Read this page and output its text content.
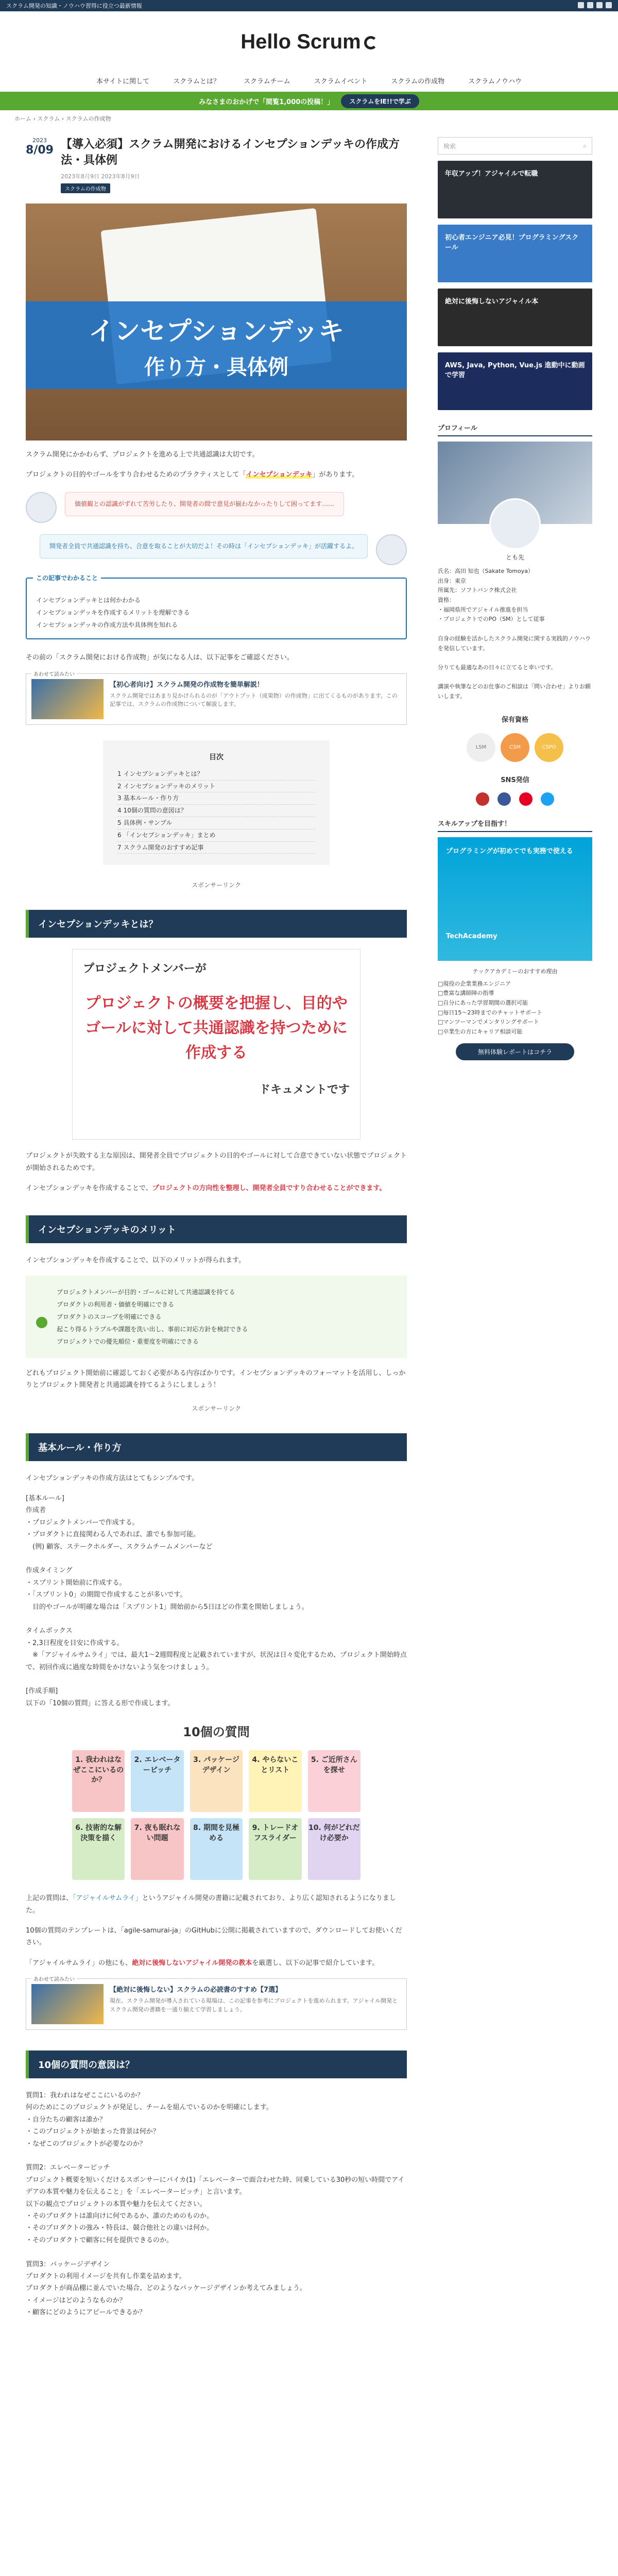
スクラム開発の知識・ノウハウ習得に役立つ最新情報
Hello Scrum
本サイトに関して	スクラムとは？	スクラムチーム	スクラムイベント	スクラムの作成物	スクラムノウハウ
みなさまのおかげで「閲覧1,000の投稿！」	スクラムをIE!!で学ぶ
ホーム › スクラム › スクラムの作成物
2023
8/09 【導入必須】スクラム開発におけるインセプションデッキの作成方法・具体例
2023年8月9日 2023年8月9日
スクラムの作成物
インセプションデッキ
作り方・具体例

スクラム開発にかかわらず、プロジェクトを進める上で共通認識は大切です。

プロジェクトの目的やゴールをすり合わせるためのプラクティスとして「インセプションデッキ」があります。

価値観との認識がずれて苦労したり、開発者の間で意見が揃わなかったりして困ってます……
開発者全員で共通認識を持ち、合意を取ることが大切だよ！その時は「インセプションデッキ」が活躍するよ。
この記事でわかること
インセプションデッキとは何かわかる
インセプションデッキを作成するメリットを理解できる
インセプションデッキの作成方法や具体例を知れる

その前の「スクラム開発における作成物」が気になる人は、以下記事をご確認ください。

あわせて読みたい
【初心者向け】スクラム開発の作成物を簡単解説！
スクラム開発ではあまり見かけられるのが「アウトプット（成果物）の作成物」に出てくるものがあります。この記事では、スクラムの作成物について解説します。
目次
1 インセプションデッキとは？
2 インセプションデッキのメリット
3 基本ルール・作り方
4 10個の質問の意図は？
5 具体例・サンプル
6 「インセプションデッキ」まとめ
7 スクラム開発のおすすめ記事
スポンサーリンク
インセプションデッキとは？
プロジェクトメンバーが
プロジェクトの概要を把握し、目的やゴールに対して共通認識を持つために作成する
ドキュメントです

プロジェクトが失敗する主な原因は、開発者全員でプロジェクトの目的やゴールに対して合意できていない状態でプロジェクトが開始されるためです。

インセプションデッキを作成することで、プロジェクトの方向性を整理し、開発者全員ですり合わせることができます。

インセプションデッキのメリット

インセプションデッキを作成することで、以下のメリットが得られます。

プロジェクトメンバーが目的・ゴールに対して共通認識を持てる
プロダクトの利用者・価値を明確にできる
プロダクトのスコープを明確にできる
起こり得るトラブルや課題を洗い出し、事前に対応方針を検討できる
プロジェクトでの優先順位・重要度を明確にできる

どれもプロジェクト開始前に確認しておく必要がある内容ばかりです。インセプションデッキのフォーマットを活用し、しっかりとプロジェクト開発者と共通認識を持てるようにしましょう！

スポンサーリンク
基本ルール・作り方

インセプションデッキの作成方法はとてもシンプルです。

[基本ルール]
作成者
・プロジェクトメンバーで作成する。
・プロダクトに直接関わる人であれば、誰でも参加可能。
　(例) 顧客、ステークホルダー、スクラムチームメンバーなど

作成タイミング
・スプリント開始前に作成する。
・「スプリント0」の期間で作成することが多いです。
　目的やゴールが明確な場合は「スプリント1」開始前から5日ほどの作業を開始しましょう。

タイムボックス
・2,3日程度を目安に作成する。
　※「アジャイルサムライ」では、最大1〜2週間程度と記載されていますが、状況は日々変化するため、プロジェクト開始時点で、初回作成に過度な時間をかけないよう気をつけましょう。

[作成手順]
以下の「10個の質問」に答える形で作成します。

10個の質問
1. 我われはなぜここにいるのか？
2. エレベーターピッチ
3. パッケージデザイン
4. やらないことリスト
5. ご近所さんを探せ
6. 技術的な解決策を描く
7. 夜も眠れない問題
8. 期間を見極める
9. トレードオフスライダー
10. 何がどれだけ必要か

上記の質問は、「アジャイルサムライ」というアジャイル開発の書籍に記載されており、より広く認知されるようになりました。

10個の質問のテンプレートは、「agile-samurai-ja」のGitHubに公開に掲載されていますので、ダウンロードしてお使いください。

「アジャイルサムライ」の他にも、絶対に後悔しないアジャイル開発の教本を厳選し、以下の記事で紹介しています。

あわせて読みたい
【絶対に後悔しない】スクラムの必読書のすすめ【7選】
現在、スクラム開発が導入されている現場は、この記事を参考にプロジェクトを進められます。アジャイル開発とスクラム開発の書籍を一通り揃えて学習しましょう。
10個の質問の意図は？

質問1：我われはなぜここにいるのか？
何のためにこのプロジェクトが発足し、チームを組んでいるのかを明確にします。
・自分たちの顧客は誰か？
・このプロジェクトが始まった背景は何か？
・なぜこのプロジェクトが必要なのか？

質問2：エレベーターピッチ
プロジェクト概要を短いくだけるスポンサーにバイカ(1)「エレベーターで面合わせた時、同乗している30秒の短い時間でアイデアの本質や魅力を伝えること」を「エレベーターピッチ」と言います。
以下の観点でプロジェクトの本質や魅力を伝えてください。
・そのプロダクトは誰向けに何であるか、誰のためのものか。
・そのプロダクトの強み・特長は、競合他社との違いは何か。
・そのプロダクトで顧客に何を提供できるのか。

質問3：パッケージデザイン
プロダクトの利用イメージを共有し作業を詰めます。
プロダクトが商品棚に並んでいた場合、どのようなパッケージデザインか考えてみましょう。
・イメージはどのようなものか？
・顧客にどのようにアピールできるか？

検索	⌕
年収アップ！アジャイルで転職
初心者エンジニア必見！プログラミングスクール
絶対に後悔しないアジャイル本
AWS, Java, Python, Vue.js 進動中に動画で学習
プロフィール
とも先
氏名：高田 知也（Sakate Tomoya）
出身：東京
所属先：ソフトバンク株式会社
資格：
・福岡県所でアジャイル推進を担当
・プロジェクトでのPO（SM）として従事

自身の経験を活かしたスクラム開発に関する実践的ノウハウを発信しています。

分りても最適なあの日々に立てると幸いです。

講演や執筆などのお仕事のご相談は「問い合わせ」よりお願いします。
保有資格
LSM	CSM	CSPO
SNS発信
スキルアップを目指す！
プログラミングが初めてでも実務で使える
TechAcademy
テックアカデミーのおすすめ理由
□現役の企業業務エンジニア
□豊富な講師陣の指導
□自分にあった学習期間の選択可能
□毎日15〜23時までのチャットサポート
□マンツーマンでメンタリングサポート
□卒業生の方にキャリア相談可能
無料体験レポートはコチラ
